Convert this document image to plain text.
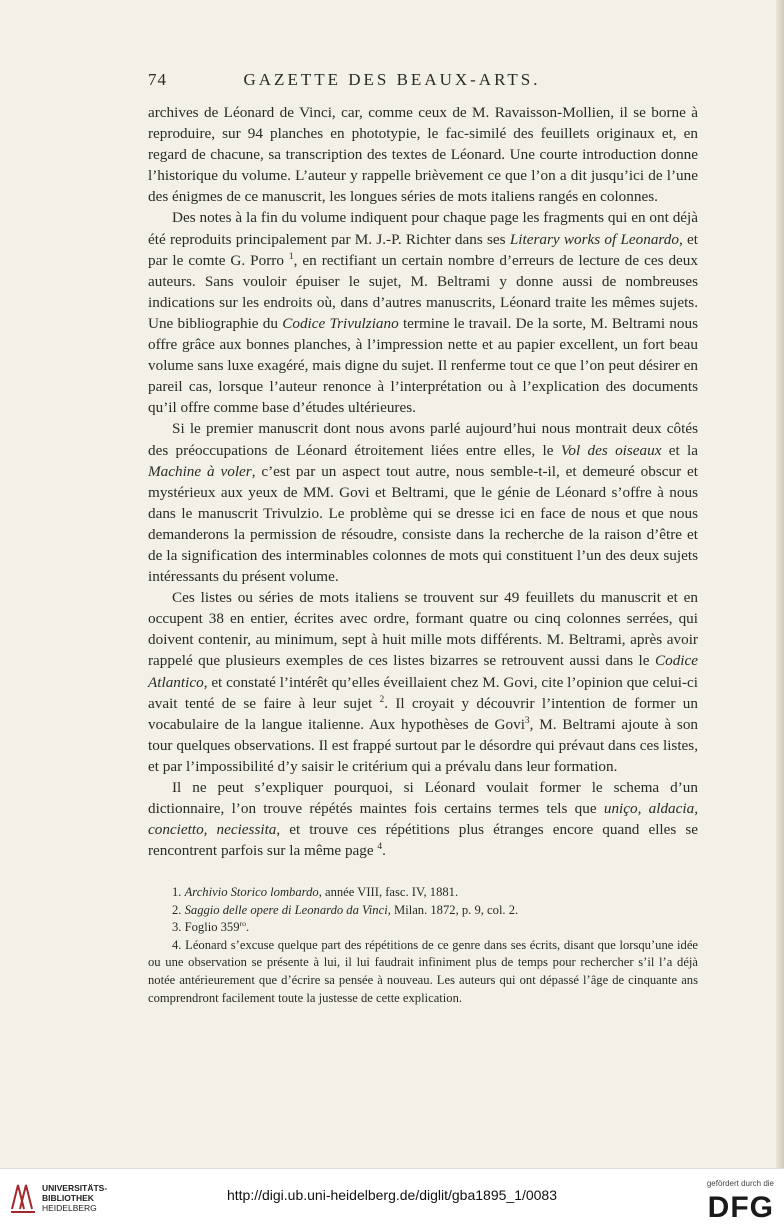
74	GAZETTE DES BEAUX-ARTS.

archives de Léonard de Vinci, car, comme ceux de M. Ravaisson-Mollien, il se borne à reproduire, sur 94 planches en phototypie, le fac-similé des feuillets originaux et, en regard de chacune, sa transcription des textes de Léonard. Une courte introduction donne l’historique du volume. L’auteur y rappelle brièvement ce que l’on a dit jusqu’ici de l’une des énigmes de ce manuscrit, les longues séries de mots italiens rangés en colonnes.

Des notes à la fin du volume indiquent pour chaque page les fragments qui en ont déjà été reproduits principalement par M. J.-P. Richter dans ses Literary works of Leonardo, et par le comte G. Porro $^1$, en rectifiant un certain nombre d’erreurs de lecture de ces deux auteurs. Sans vouloir épuiser le sujet, M. Beltrami y donne aussi de nombreuses indications sur les endroits où, dans d’autres manuscrits, Léonard traite les mêmes sujets. Une bibliographie du Codice Trivulziano termine le travail. De la sorte, M. Beltrami nous offre grâce aux bonnes planches, à l’impression nette et au papier excellent, un fort beau volume sans luxe exagéré, mais digne du sujet. Il renferme tout ce que l’on peut désirer en pareil cas, lorsque l’auteur renonce à l’interprétation ou à l’explication des documents qu’il offre comme base d’études ultérieures.

Si le premier manuscrit dont nous avons parlé aujourd’hui nous montrait deux côtés des préoccupations de Léonard étroitement liées entre elles, le Vol des oiseaux et la Machine à voler, c’est par un aspect tout autre, nous semble-t-il, et demeuré obscur et mystérieux aux yeux de MM. Govi et Beltrami, que le génie de Léonard s’offre à nous dans le manuscrit Trivulzio. Le problème qui se dresse ici en face de nous et que nous demanderons la permission de résoudre, consiste dans la recherche de la raison d’être et de la signification des interminables colonnes de mots qui constituent l’un des deux sujets intéressants du présent volume.

Ces listes ou séries de mots italiens se trouvent sur 49 feuillets du manuscrit et en occupent 38 en entier, écrites avec ordre, formant quatre ou cinq colonnes serrées, qui doivent contenir, au minimum, sept à huit mille mots différents. M. Beltrami, après avoir rappelé que plusieurs exemples de ces listes bizarres se retrouvent aussi dans le Codice Atlantico, et constaté l’intérêt qu’elles éveillaient chez M. Govi, cite l’opinion que celui-ci avait tenté de se faire à leur sujet $^2$. Il croyait y découvrir l’intention de former un vocabulaire de la langue italienne. Aux hypothèses de Govi$^3$, M. Beltrami ajoute à son tour quelques observations. Il est frappé surtout par le désordre qui prévaut dans ces listes, et par l’impossibilité d’y saisir le critérium qui a prévalu dans leur formation.

Il ne peut s’expliquer pourquoi, si Léonard voulait former le schema d’un dictionnaire, l’on trouve répétés maintes fois certains termes tels que uniço, aldacia, concietto, neciessita, et trouve ces répétitions plus étranges encore quand elles se rencontrent parfois sur la même page $^4$.

1. Archivio Storico lombardo, année VIII, fasc. IV, 1881.

2. Saggio delle opere di Leonardo da Vinci, Milan. 1872, p. 9, col. 2.

3. Foglio $359^{ro}$.

4. Léonard s’excuse quelque part des répétitions de ce genre dans ses écrits, disant que lorsqu’une idée ou une observation se présente à lui, il lui faudrait infiniment plus de temps pour rechercher s’il l’a déjà notée antérieurement que d’écrire sa pensée à nouveau. Les auteurs qui ont dépassé l’âge de cinquante ans comprendront facilement toute la justesse de cette explication.

UNIVERSITÄTS-
BIBLIOTHEK
HEIDELBERG
http://digi.ub.uni-heidelberg.de/diglit/gba1895_1/0083
gefördert durch die
DFG
